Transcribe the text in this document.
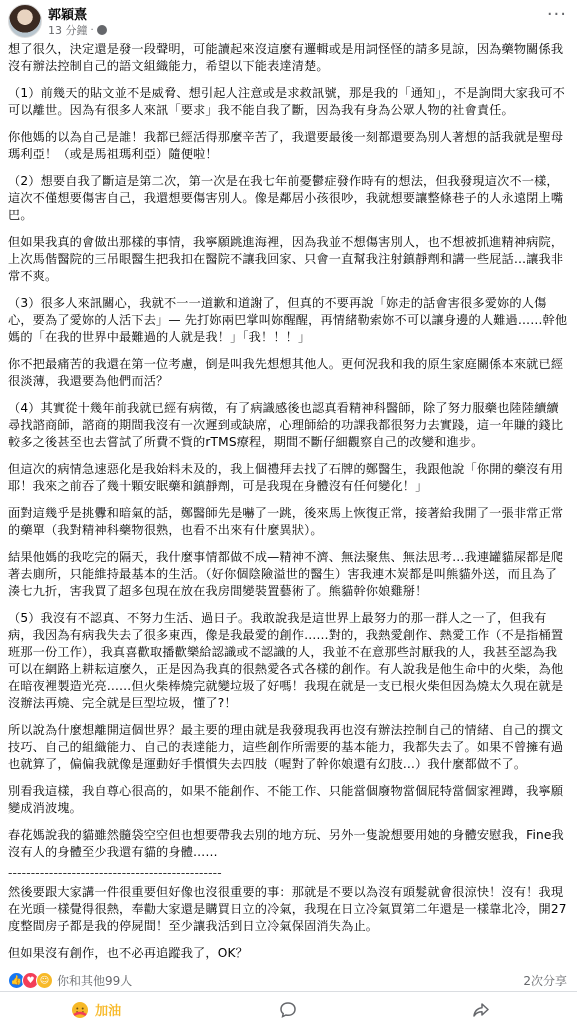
郭穎熹
13 分鐘 ·
···

想了很久，決定還是發一段聲明，可能讀起來沒這麼有邏輯或是用詞怪怪的請多見諒，因為藥物關係我沒有辦法控制自己的語文組織能力，希望以下能表達清楚。

（1）前幾天的貼文並不是威脅、想引起人注意或是求救訊號，那是我的「通知」，不是詢問大家我可不可以離世。因為有很多人來訊「要求」我不能自我了斷，因為我有身為公眾人物的社會責任。

你他媽的以為自己是誰！我都已經活得那麼辛苦了，我還要最後一刻都還要為別人著想的話我就是聖母瑪利亞！（或是馬祖瑪利亞）隨便啦！

（2）想要自我了斷這是第二次，第一次是在我七年前憂鬱症發作時有的想法，但我發現這次不一樣，這次不僅想要傷害自己，我還想要傷害別人。像是鄰居小孩很吵，我就想要讓整條巷子的人永遠閉上嘴巴。

但如果我真的會做出那樣的事情，我寧願跳進海裡，因為我並不想傷害別人，也不想被抓進精神病院，上次馬偕醫院的三吊眼醫生把我扣在醫院不讓我回家、只會一直幫我注射鎮靜劑和講一些屁話…讓我非常不爽。

（3）很多人來訊關心，我就不一一道歉和道謝了，但真的不要再說「妳走的話會害很多愛妳的人傷心，要為了愛妳的人活下去」— 先打妳兩巴掌叫妳醒醒，再情緒勒索妳不可以讓身邊的人難過……幹他媽的「在我的世界中最難過的人就是我！」「我！！！」

你不把最痛苦的我還在第一位考慮，倒是叫我先想想其他人。更何況我和我的原生家庭關係本來就已經很淡薄，我還要為他們而活？

（4）其實從十幾年前我就已經有病徵，有了病識感後也認真看精神科醫師，除了努力服藥也陸陸續續尋找諮商師，諮商的期間我沒有一次遲到或缺席，心理師給的功課我都很努力去實踐，這一年賺的錢比較多之後甚至也去嘗試了所費不貲的rTMS療程，期間不斷仔細觀察自己的改變和進步。

但這次的病情急速惡化是我始料未及的，我上個禮拜去找了石牌的鄭醫生，我跟他說「你開的藥沒有用耶！我來之前吞了幾十顆安眠藥和鎮靜劑，可是我現在身體沒有任何變化！」

面對這幾乎是挑釁和暗氣的話，鄭醫師先是嚇了一跳，後來馬上恢復正常，接著給我開了一張非常正常的藥單（我對精神科藥物很熟，也看不出來有什麼異狀）。

結果他媽的我吃完的隔天，我什麼事情都做不成—精神不濟、無法聚焦、無法思考…我連罐貓屎都是爬著去廁所，只能維持最基本的生活。（好你個陰險溢世的醫生）害我連木炭都是叫熊貓外送，而且為了湊七九折，害我買了超多包現在放在我房間變裝置藝術了。熊貓幹你娘雞掰！

（5）我沒有不認真、不努力生活、過日子。我敢說我是這世界上最努力的那一群人之一了，但我有病，我因為有病我失去了很多東西，像是我最愛的創作……對的，我熱愛創作、熱愛工作（不是指桶置班那一份工作），我真喜歡取播歡樂給認識或不認識的人，我並不在意那些討厭我的人，我甚至認為我可以在網路上耕耘這麼久，正是因為我真的很熱愛各式各樣的創作。有人說我是他生命中的火柴，為他在暗夜裡製造光亮……但火柴棒燒完就變垃圾了好嗎！我現在就是一支已根火柴但因為燒太久現在就是沒辦法再燒、完全就是巨型垃圾，懂了?！

所以說為什麼想離開這個世界？最主要的理由就是我發現我再也沒有辦法控制自己的情緒、自己的撰文技巧、自己的組織能力、自己的表達能力，這些創作所需要的基本能力，我都失去了。如果不曾擁有過也就算了，偏偏我就像是運動好手慣慣失去四肢（喔對了幹你娘還有幻肢…）我什麼都做不了。

別看我這樣，我自尊心很高的，如果不能創作、不能工作、只能當個廢物當個屁特當個家裡蹲，我寧願變成消波塊。

春花媽說我的貓雖然髓袋空空但也想要帶我去別的地方玩、另外一隻說想要用她的身體安慰我，Fine我沒有人的身體至少我還有貓的身體……

-----------------------------------------------

然後要跟大家講一件很重要但好像也沒很重要的事：那就是不要以為沒有頭髮就會很涼快！沒有！我現在光頭一樣覺得很熱，奉勸大家還是購買日立的冷氣，我現在日立冷氣買第二年還是一樣靠北冷，開27度整間房子都是我的停屍間！至少讓我活到日立冷氣保固消失為止。

但如果沒有創作，也不必再追蹤我了，OK？

👍 ♥ ☺ 你和其他99人	2次分享
加油
